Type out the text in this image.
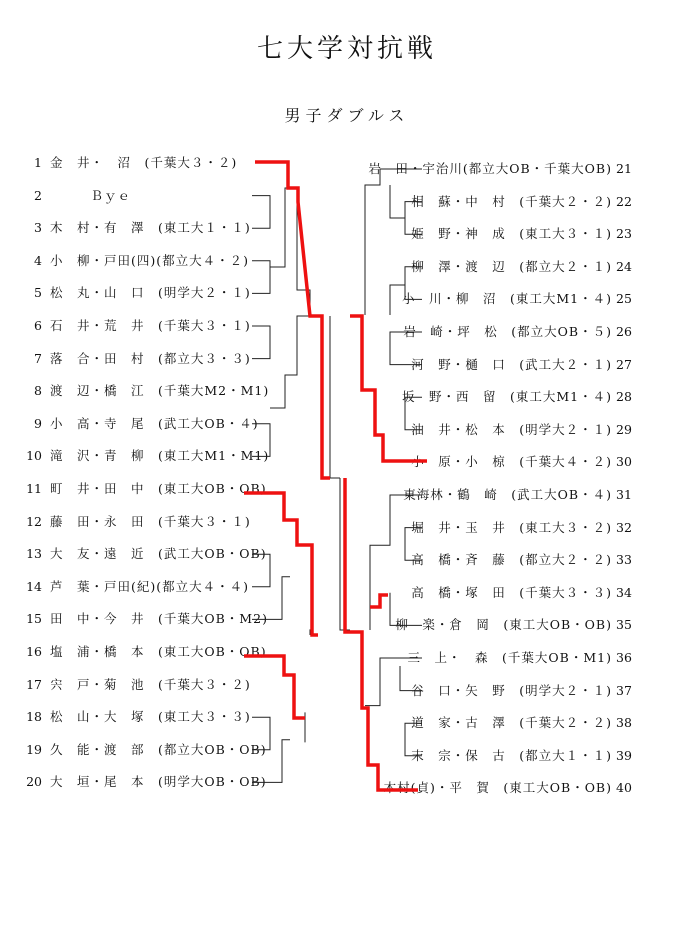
七大学対抗戦
男子ダブルス
1 金　井・　沼　(千葉大３・２)
2 　　　Ｂｙｅ
3 木　村・有　澤　(東工大１・１)
4 小　柳・戸田(四)(都立大４・２)
5 松　丸・山　口　(明学大２・１)
6 石　井・荒　井　(千葉大３・１)
7 落　合・田　村　(都立大３・３)
8 渡　辺・橋　江　(千葉大M2・M1)
9 小　高・寺　尾　(武工大OB・４)
10 滝　沢・青　柳　(東工大M1・M1)
11 町　井・田　中　(東工大OB・OB)
12 藤　田・永　田　(千葉大３・１)
13 大　友・遠　近　(武工大OB・OB)
14 芦　葉・戸田(紀)(都立大４・４)
15 田　中・今　井　(千葉大OB・M2)
16 塩　浦・橋　本　(東工大OB・OB)
17 宍　戸・菊　池　(千葉大３・２)
18 松　山・大　塚　(東工大３・３)
19 久　能・渡　部　(都立大OB・OB)
20 大　垣・尾　本　(明学大OB・OB)
21
岩　田・宇治川(都立大OB・千葉大OB)
22
相　蘇・中　村　(千葉大２・２)
23
姫　野・神　成　(東工大３・１)
24
柳　澤・渡　辺　(都立大２・１)
25
小　川・柳　沼　(東工大M1・４)
26
岩　崎・坪　松　(都立大OB・５)
27
河　野・樋　口　(武工大２・１)
28
坂　野・西　留　(東工大M1・４)
29
油　井・松　本　(明学大２・１)
30
小　原・小　椋　(千葉大４・２)
31
東海林・鶴　崎　(武工大OB・４)
32
堀　井・玉　井　(東工大３・２)
33
高　橋・斉　藤　(都立大２・２)
34
高　橋・塚　田　(千葉大３・３)
35
柳　楽・倉　岡　(東工大OB・OB)
36
三　上・　森　(千葉大OB・M1)
37
谷　口・矢　野　(明学大２・１)
38
道　家・古　澤　(千葉大２・２)
39
末　宗・保　古　(都立大１・１)
40
木村(貞)・平　賀　(東工大OB・OB)
